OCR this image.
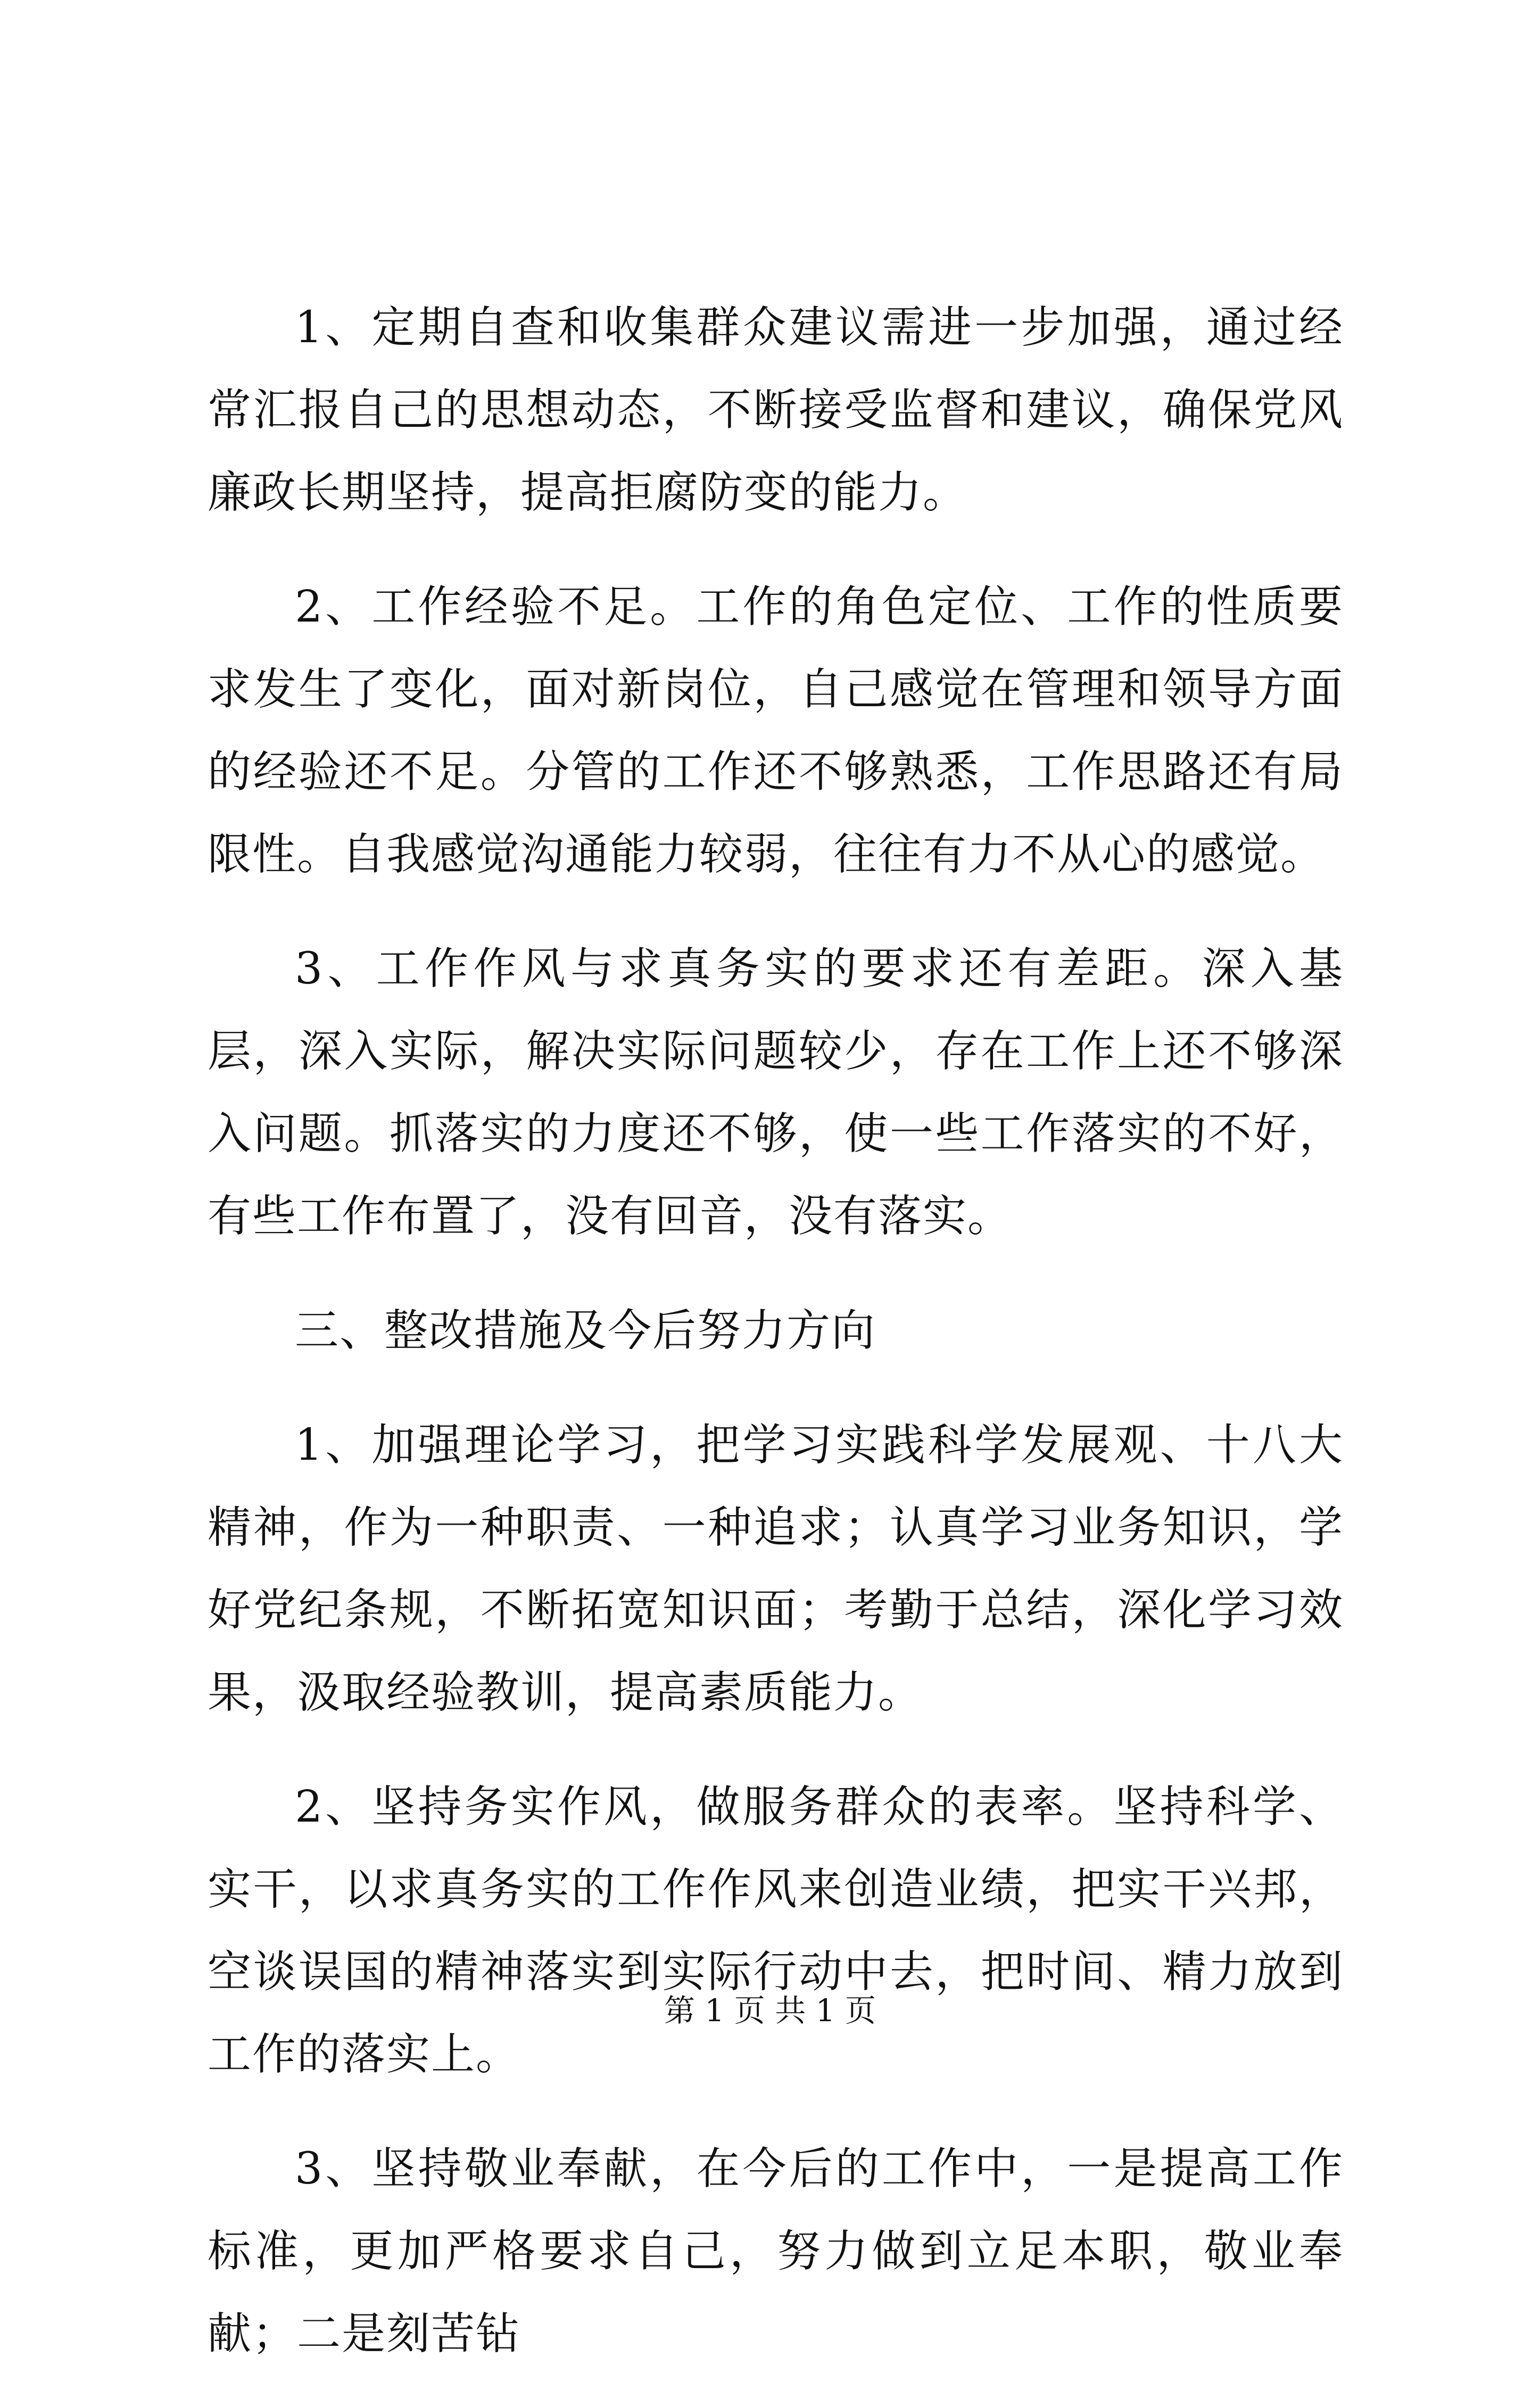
1、定期自查和收集群众建议需进一步加强，通过经常汇报自己的思想动态，不断接受监督和建议，确保党风廉政长期坚持，提高拒腐防变的能力。

2、工作经验不足。工作的角色定位、工作的性质要求发生了变化，面对新岗位，自己感觉在管理和领导方面的经验还不足。分管的工作还不够熟悉，工作思路还有局限性。自我感觉沟通能力较弱，往往有力不从心的感觉。

3、工作作风与求真务实的要求还有差距。深入基层，深入实际，解决实际问题较少，存在工作上还不够深入问题。抓落实的力度还不够，使一些工作落实的不好，有些工作布置了，没有回音，没有落实。

三、整改措施及今后努力方向

1、加强理论学习，把学习实践科学发展观、十八大精神，作为一种职责、一种追求；认真学习业务知识，学好党纪条规，不断拓宽知识面；考勤于总结，深化学习效果，汲取经验教训，提高素质能力。

2、坚持务实作风，做服务群众的表率。坚持科学、实干，以求真务实的工作作风来创造业绩，把实干兴邦，空谈误国的精神落实到实际行动中去，把时间、精力放到工作的落实上。

3、坚持敬业奉献，在今后的工作中，一是提高工作标准，更加严格要求自己，努力做到立足本职，敬业奉献；二是刻苦钻

第 1 页 共 1 页
